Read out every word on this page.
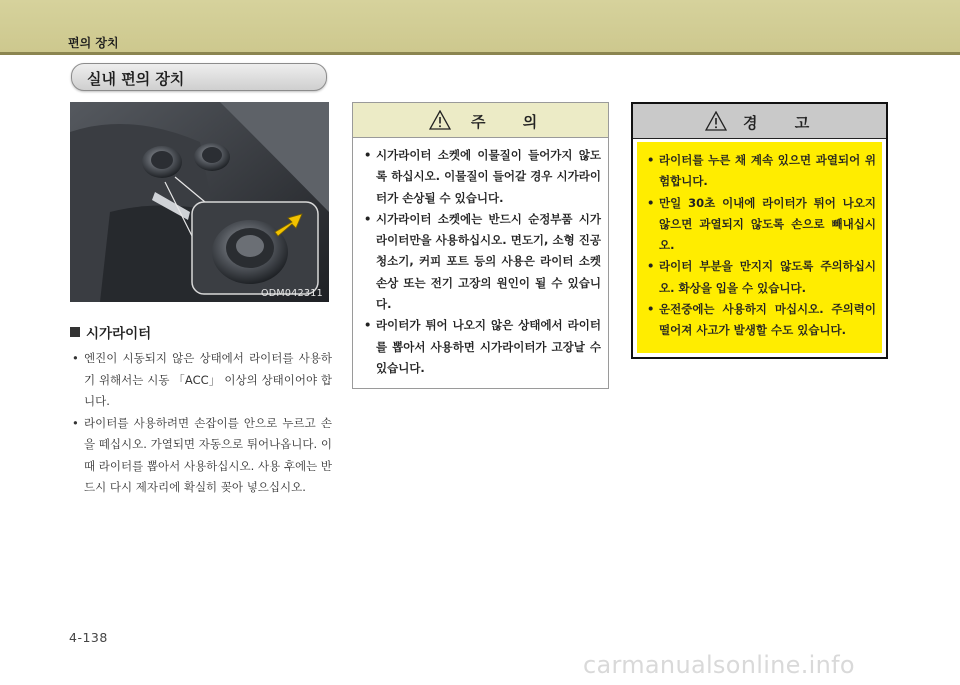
편의 장치
실내 편의 장치
ODM042311
시가라이터
• 엔진이 시동되지 않은 상태에서 라이터를 사용하기 위해서는 시동 「ACC」 이상의 상태이어야 합니다.
• 라이터를 사용하려면 손잡이를 안으로 누르고 손을 떼십시오. 가열되면 자동으로 튀어나옵니다. 이때 라이터를 뽑아서 사용하십시오. 사용 후에는 반드시 다시 제자리에 확실히 꽂아 넣으십시오.
주 의
• 시가라이터 소켓에 이물질이 들어가지 않도록 하십시오. 이물질이 들어갈 경우 시가라이터가 손상될 수 있습니다.
• 시가라이터 소켓에는 반드시 순정부품 시가라이터만을 사용하십시오. 면도기, 소형 진공청소기, 커피 포트 등의 사용은 라이터 소켓 손상 또는 전기 고장의 원인이 될 수 있습니다.
• 라이터가 튀어 나오지 않은 상태에서 라이터를 뽑아서 사용하면 시가라이터가 고장날 수 있습니다.
경 고
• 라이터를 누른 채 계속 있으면 과열되어 위험합니다.
• 만일 30초 이내에 라이터가 튀어 나오지 않으면 과열되지 않도록 손으로 빼내십시오.
• 라이터 부분을 만지지 않도록 주의하십시오. 화상을 입을 수 있습니다.
• 운전중에는 사용하지 마십시오. 주의력이 떨어져 사고가 발생할 수도 있습니다.
4-138
carmanualsonline.info
